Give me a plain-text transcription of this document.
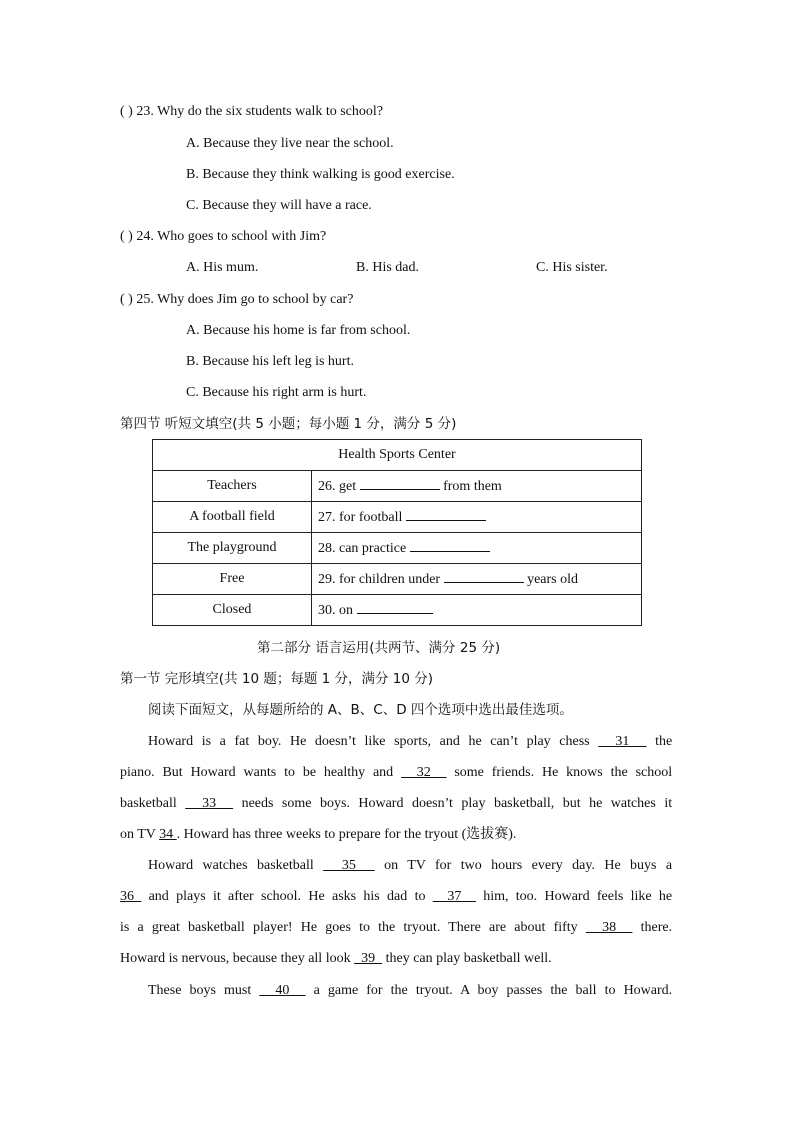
( ) 23. Why do the six students walk to school?
A. Because they live near the school.
B. Because they think walking is good exercise.
C. Because they will have a race.
( ) 24. Who goes to school with Jim?
A. His mum.	B. His dad.	C. His sister.
( ) 25. Why does Jim go to school by car?
A. Because his home is far from school.
B. Because his left leg is hurt.
C. Because his right arm is hurt.
第四节 听短文填空(共 5 小题；每小题 1 分，满分 5 分)
Health Sports Center	
Teachers	26. get from them
A football field	27. for football
The playground	28. can practice
Free	29. for children under years old
Closed	30. on
第二部分 语言运用(共两节、满分 25 分)
第一节 完形填空(共 10 题；每题 1 分，满分 10 分)
阅读下面短文，从每题所给的 A、B、C、D 四个选项中选出最佳选项。
Howard is a fat boy. He doesn’t like sports, and he can’t play chess   31   the
piano. But Howard wants to be healthy and   32   some friends. He knows the school
basketball   33   needs some boys. Howard doesn’t play basketball, but he watches it
on TV 34 . Howard has three weeks to prepare for the tryout (选拔赛).
Howard watches basketball   35   on TV for two hours every day. He buys a
36  and plays it after school. He asks his dad to   37   him, too. Howard feels like he
is a great basketball player! He goes to the tryout. There are about fifty   38   there.
Howard is nervous, because they all look   39   they can play basketball well.
These boys must   40   a game for the tryout. A boy passes the ball to Howard.
